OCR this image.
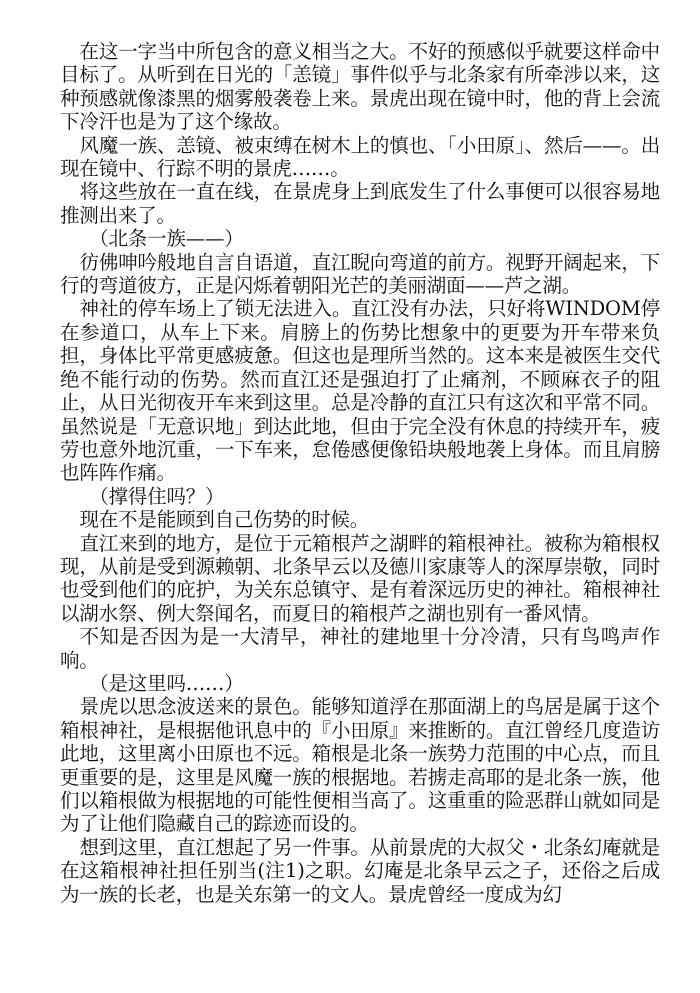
在这一字当中所包含的意义相当之大。不好的预感似乎就要这样命中目标了。从听到在日光的「恙镜」事件似乎与北条家有所牵涉以来，这种预感就像漆黑的烟雾般袭卷上来。景虎出现在镜中时，他的背上会流下冷汗也是为了这个缘故。

风魔一族、恙镜、被束缚在树木上的慎也、「小田原」、然后——。出现在镜中、行踪不明的景虎……。

将这些放在一直在线，在景虎身上到底发生了什么事便可以很容易地推测出来了。

（北条一族——）

彷佛呻吟般地自言自语道，直江睨向弯道的前方。视野开阔起来，下行的弯道彼方，正是闪烁着朝阳光芒的美丽湖面——芦之湖。

神社的停车场上了锁无法进入。直江没有办法，只好将WINDOM停在参道口，从车上下来。肩膀上的伤势比想象中的更要为开车带来负担，身体比平常更感疲惫。但这也是理所当然的。这本来是被医生交代绝不能行动的伤势。然而直江还是强迫打了止痛剂，不顾麻衣子的阻止，从日光彻夜开车来到这里。总是冷静的直江只有这次和平常不同。虽然说是「无意识地」到达此地，但由于完全没有休息的持续开车，疲劳也意外地沉重，一下车来，怠倦感便像铅块般地袭上身体。而且肩膀也阵阵作痛。

（撑得住吗？）

现在不是能顾到自己伤势的时候。

直江来到的地方，是位于元箱根芦之湖畔的箱根神社。被称为箱根权现，从前是受到源赖朝、北条早云以及德川家康等人的深厚崇敬，同时也受到他们的庇护，为关东总镇守、是有着深远历史的神社。箱根神社以湖水祭、例大祭闻名，而夏日的箱根芦之湖也别有一番风情。

不知是否因为是一大清早，神社的建地里十分冷清，只有鸟鸣声作响。

（是这里吗……）

景虎以思念波送来的景色。能够知道浮在那面湖上的鸟居是属于这个箱根神社，是根据他讯息中的『小田原』来推断的。直江曾经几度造访此地，这里离小田原也不远。箱根是北条一族势力范围的中心点，而且更重要的是，这里是风魔一族的根据地。若掳走高耶的是北条一族，他们以箱根做为根据地的可能性便相当高了。这重重的险恶群山就如同是为了让他们隐藏自己的踪迹而设的。

想到这里，直江想起了另一件事。从前景虎的大叔父・北条幻庵就是在这箱根神社担任别当(注1)之职。幻庵是北条早云之子，还俗之后成为一族的长老，也是关东第一的文人。景虎曾经一度成为幻
